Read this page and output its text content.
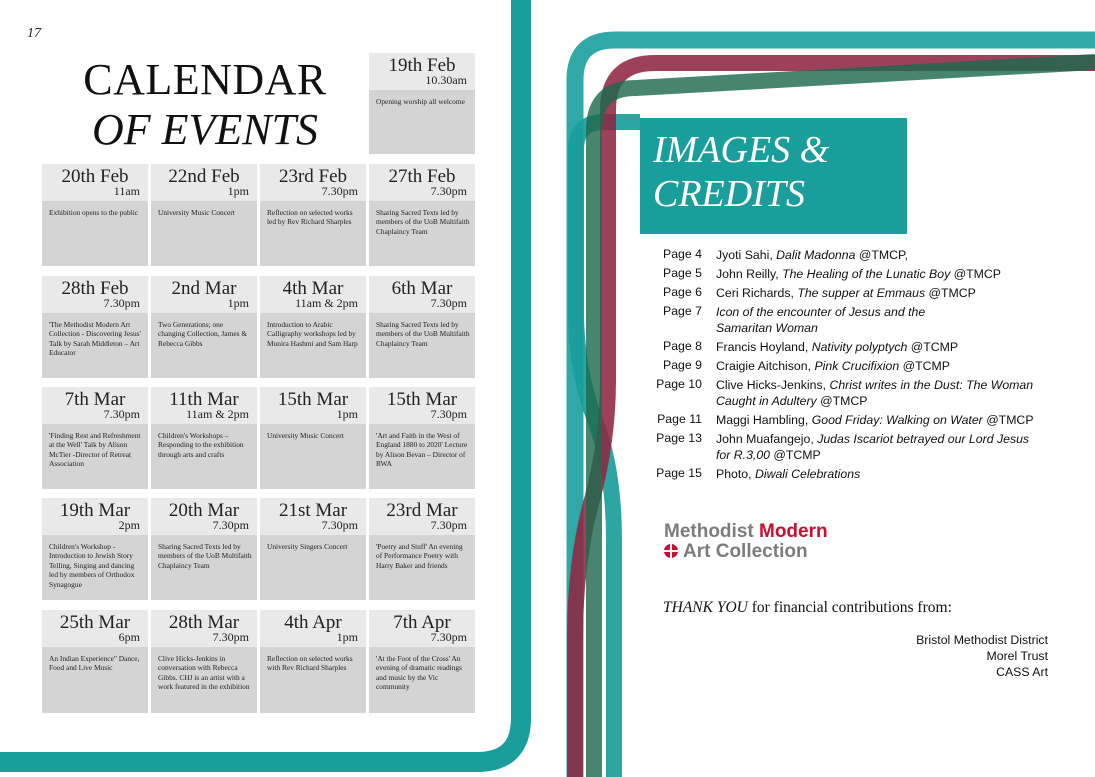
17
CALENDAR
OF EVENTS
19th Feb
10.30am
Opening worship all welcome
20th Feb
11am
Exhibition opens to the public
22nd Feb
1pm
University Music Concert
23rd Feb
7.30pm
Reflection on selected works led by Rev Richard Sharples
27th Feb
7.30pm
Sharing Sacred Texts led by members of the UoB Multifaith Chaplaincy Team
28th Feb
7.30pm
'The Methodist Modern Art Collection - Discovering Jesus' Talk by Sarah Middleton – Art Educator
2nd Mar
1pm
Two Generations; one changing Collection, James & Rebecca Gibbs
4th Mar
11am & 2pm
Introduction to Arabic Calligraphy workshops led by Munira Hashmi and Sam Harp
6th Mar
7.30pm
Sharing Sacred Texts led by members of the UoB Multifaith Chaplaincy Team
7th Mar
7.30pm
'Finding Rest and Refreshment at the Well' Talk by Alison McTier -Director of Retreat Association
11th Mar
11am & 2pm
Children's Workshops – Responding to the exhibition through arts and crafts
15th Mar
1pm
University Music Concert
15th Mar
7.30pm
'Art and Faith in the West of England 1880 to 2020' Lecture by Alison Bevan – Director of RWA
19th Mar
2pm
Children's Workshop - Introduction to Jewish Story Telling, Singing and dancing led by members of Orthodox Synagogue
20th Mar
7.30pm
Sharing Sacred Texts led by members of the UoB Multifaith Chaplaincy Team
21st Mar
7.30pm
University Singers Concert
23rd Mar
7.30pm
'Poetry and Stuff' An evening of Performance Poetry with Harry Baker and friends
25th Mar
6pm
An Indian Experience" Dance, Food and Live Music
28th Mar
7.30pm
Clive Hicks-Jenkins in conversation with Rebecca Gibbs. CHJ is an artist with a work featured in the exhibition
4th Apr
1pm
Reflection on selected works with Rev Richard Sharples
7th Apr
7.30pm
'At the Foot of the Cross' An evening of dramatic readings and music by the Vic community
IMAGES &
CREDITS
Page 4 Jyoti Sahi, Dalit Madonna @TMCP,
Page 5 John Reilly, The Healing of the Lunatic Boy @TMCP
Page 6 Ceri Richards, The supper at Emmaus @TMCP
Page 7 Icon of the encounter of Jesus and the Samaritan Woman
Page 8 Francis Hoyland, Nativity polyptych @TCMP
Page 9 Craigie Aitchison, Pink Crucifixion @TCMP
Page 10 Clive Hicks-Jenkins, Christ writes in the Dust: The Woman Caught in Adultery @TMCP
Page 11 Maggi Hambling, Good Friday: Walking on Water @TMCP
Page 13 John Muafangejo, Judas Iscariot betrayed our Lord Jesus for R.3,00 @TCMP
Page 15 Photo, Diwali Celebrations
Methodist Modern
Art Collection
THANK YOU for financial contributions from:
Bristol Methodist District
Morel Trust
CASS Art
